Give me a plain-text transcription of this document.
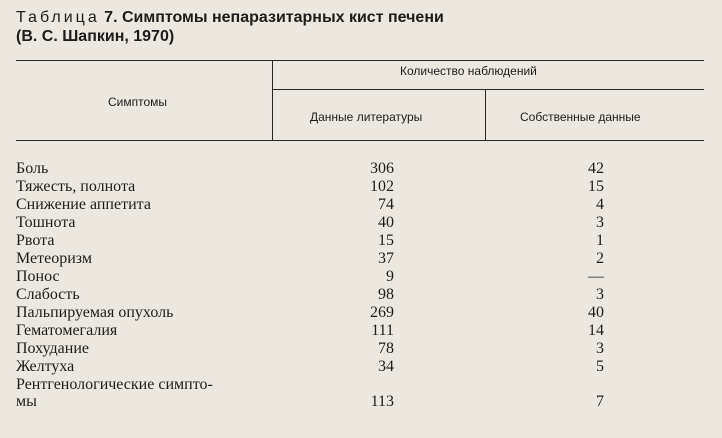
Таблица 7. Симптомы непаразитарных кист печени
(В. С. Шапкин, 1970)
Симптомы
Количество наблюдений
Данные литературы	Собственные данные
Боль	306	42
Тяжесть, полнота	102	15
Снижение аппетита	74	4
Тошнота	40	3
Рвота	15	1
Метеоризм	37	2
Понос	9	—
Слабость	98	3
Пальпируемая опухоль	269	40
Гематомегалия	111	14
Похудание	78	3
Желтуха	34	5
Рентгенологические симпто-
мы	113	7
